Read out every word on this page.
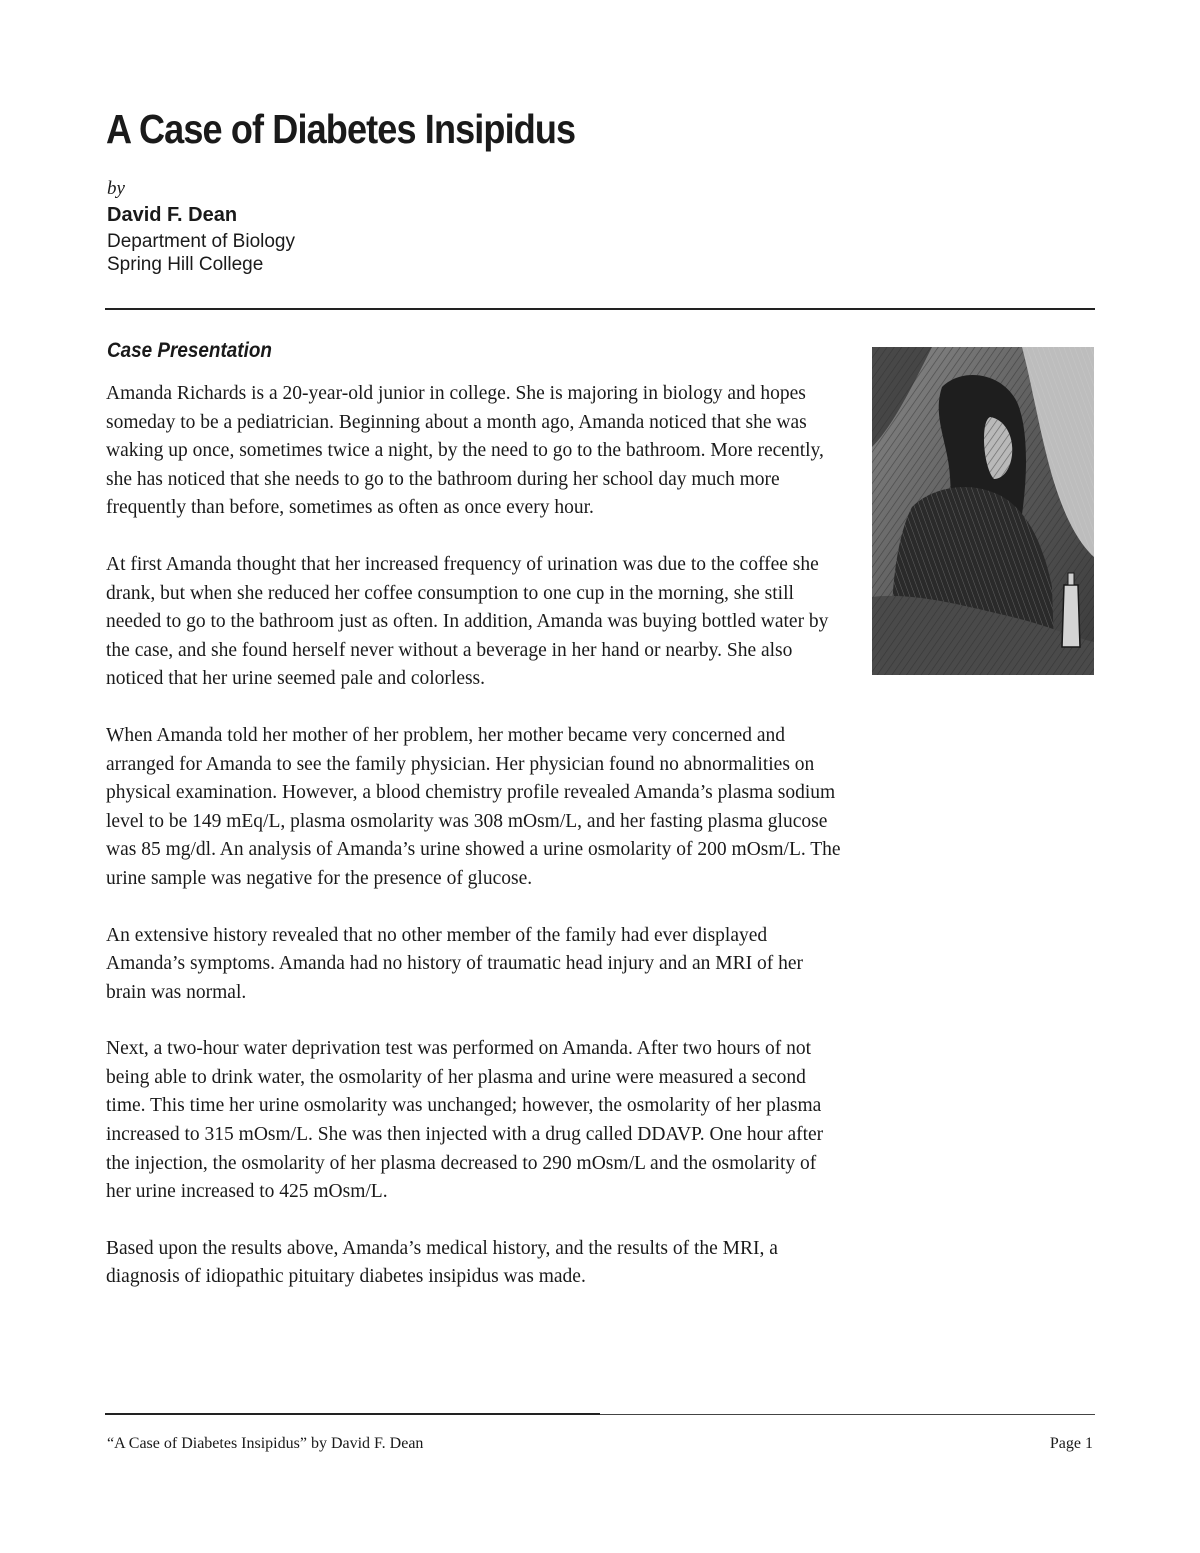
A Case of Diabetes Insipidus
by
David F. Dean
Department of Biology
Spring Hill College
Case Presentation

Amanda Richards is a 20-year-old junior in college. She is majoring in biology and hopes someday to be a pediatrician. Beginning about a month ago, Amanda noticed that she was waking up once, sometimes twice a night, by the need to go to the bathroom. More recently, she has noticed that she needs to go to the bathroom during her school day much more frequently than before, sometimes as often as once every hour.

At first Amanda thought that her increased frequency of urination was due to the coffee she drank, but when she reduced her coffee consumption to one cup in the morning, she still needed to go to the bathroom just as often. In addition, Amanda was buying bottled water by the case, and she found herself never without a beverage in her hand or nearby. She also noticed that her urine seemed pale and colorless.

When Amanda told her mother of her problem, her mother became very concerned and arranged for Amanda to see the family physician. Her physician found no abnormalities on physical examination. However, a blood chemistry profile revealed Amanda’s plasma sodium level to be 149 mEq/L, plasma osmolarity was 308 mOsm/L, and her fasting plasma glucose was 85 mg/dl. An analysis of Amanda’s urine showed a urine osmolarity of 200 mOsm/L. The urine sample was negative for the presence of glucose.

An extensive history revealed that no other member of the family had ever displayed Amanda’s symptoms. Amanda had no history of traumatic head injury and an MRI of her brain was normal.

Next, a two-hour water deprivation test was performed on Amanda. After two hours of not being able to drink water, the osmolarity of her plasma and urine were measured a second time. This time her urine osmolarity was unchanged; however, the osmolarity of her plasma increased to 315 mOsm/L. She was then injected with a drug called DDAVP. One hour after the injection, the osmolarity of her plasma decreased to 290 mOsm/L and the osmolarity of her urine increased to 425 mOsm/L.

Based upon the results above, Amanda’s medical history, and the results of the MRI, a diagnosis of idiopathic pituitary diabetes insipidus was made.

“A Case of Diabetes Insipidus” by David F. Dean	Page 1
